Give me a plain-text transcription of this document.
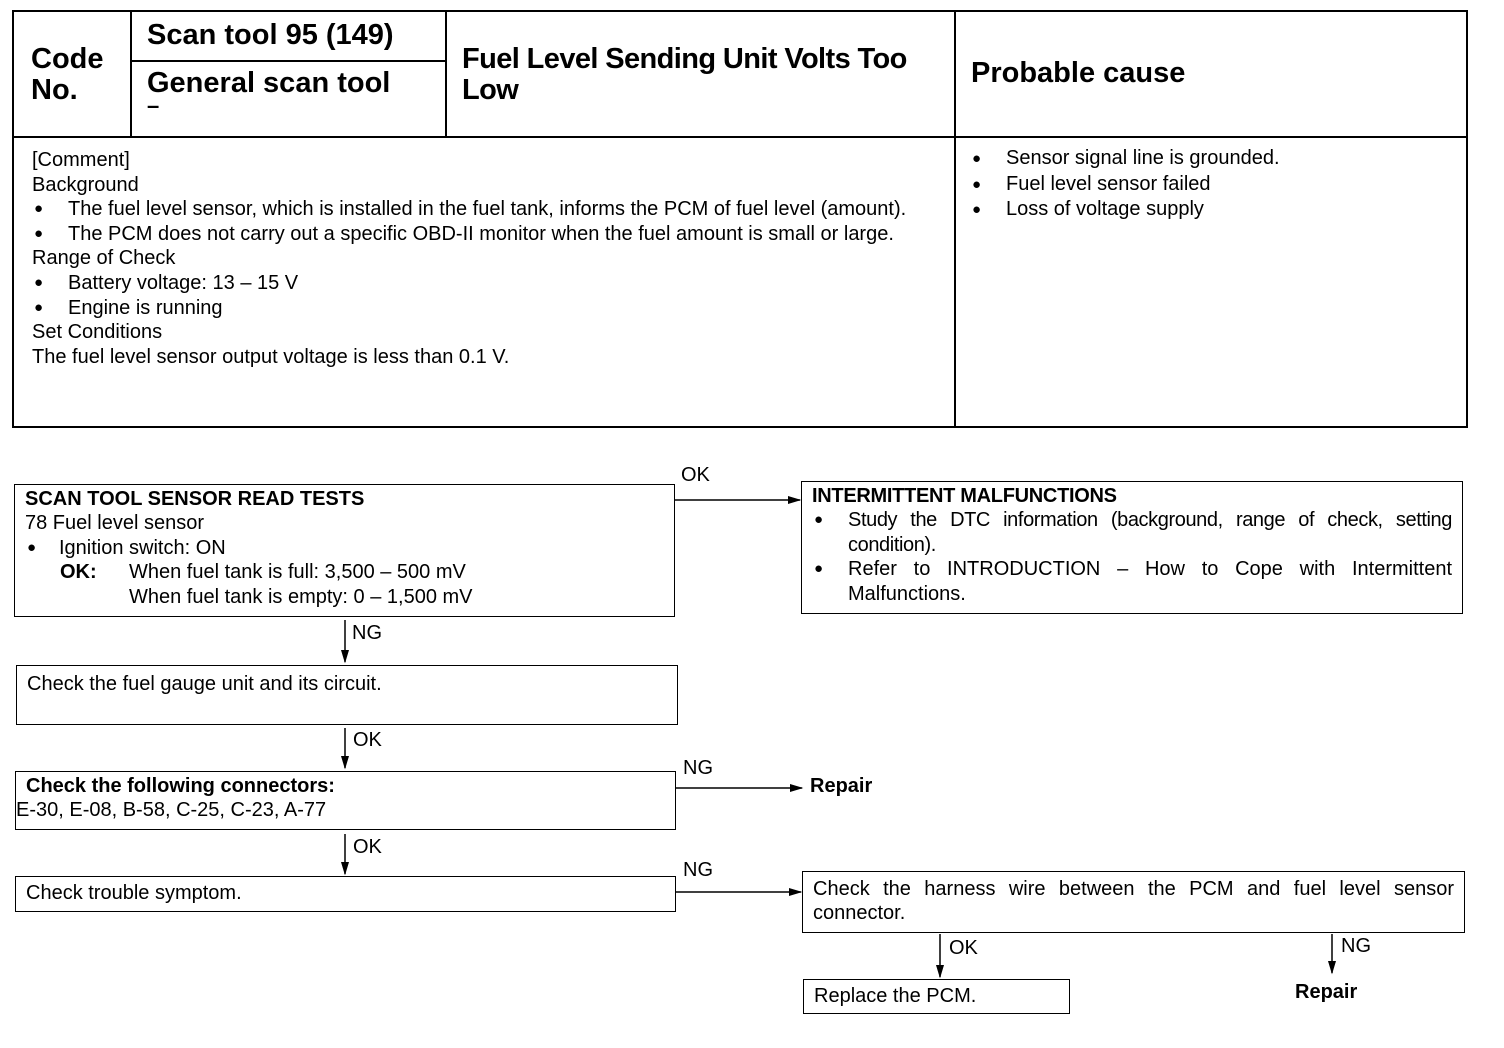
Code No.
Scan tool 95 (149)
General scan tool
–
Fuel Level Sending Unit Volts Too Low
Probable cause
[Comment]
Background
● The fuel level sensor, which is installed in the fuel tank, informs the PCM of fuel level (amount).
● The PCM does not carry out a specific OBD-II monitor when the fuel amount is small or large.
Range of Check
● Battery voltage: 13 – 15 V
● Engine is running
Set Conditions
The fuel level sensor output voltage is less than 0.1 V.
● Sensor signal line is grounded.
● Fuel level sensor failed
● Loss of voltage supply
SCAN TOOL SENSOR READ TESTS
78 Fuel level sensor
● Ignition switch: ON
OK: When fuel tank is full: 3,500 – 500 mV
When fuel tank is empty: 0 – 1,500 mV
INTERMITTENT MALFUNCTIONS
● Study the DTC information (background, range of check, setting condition).
● Refer to INTRODUCTION – How to Cope with Intermittent Malfunctions.
Check the fuel gauge unit and its circuit.
Check the following connectors:
E-30, E-08, B-58, C-25, C-23, A-77
Check trouble symptom.	Check the harness wire between the PCM and fuel level sensor connector.
Replace the PCM.
Repair
Repair
OK
NG
OK
NG
OK
NG
OK	NG
